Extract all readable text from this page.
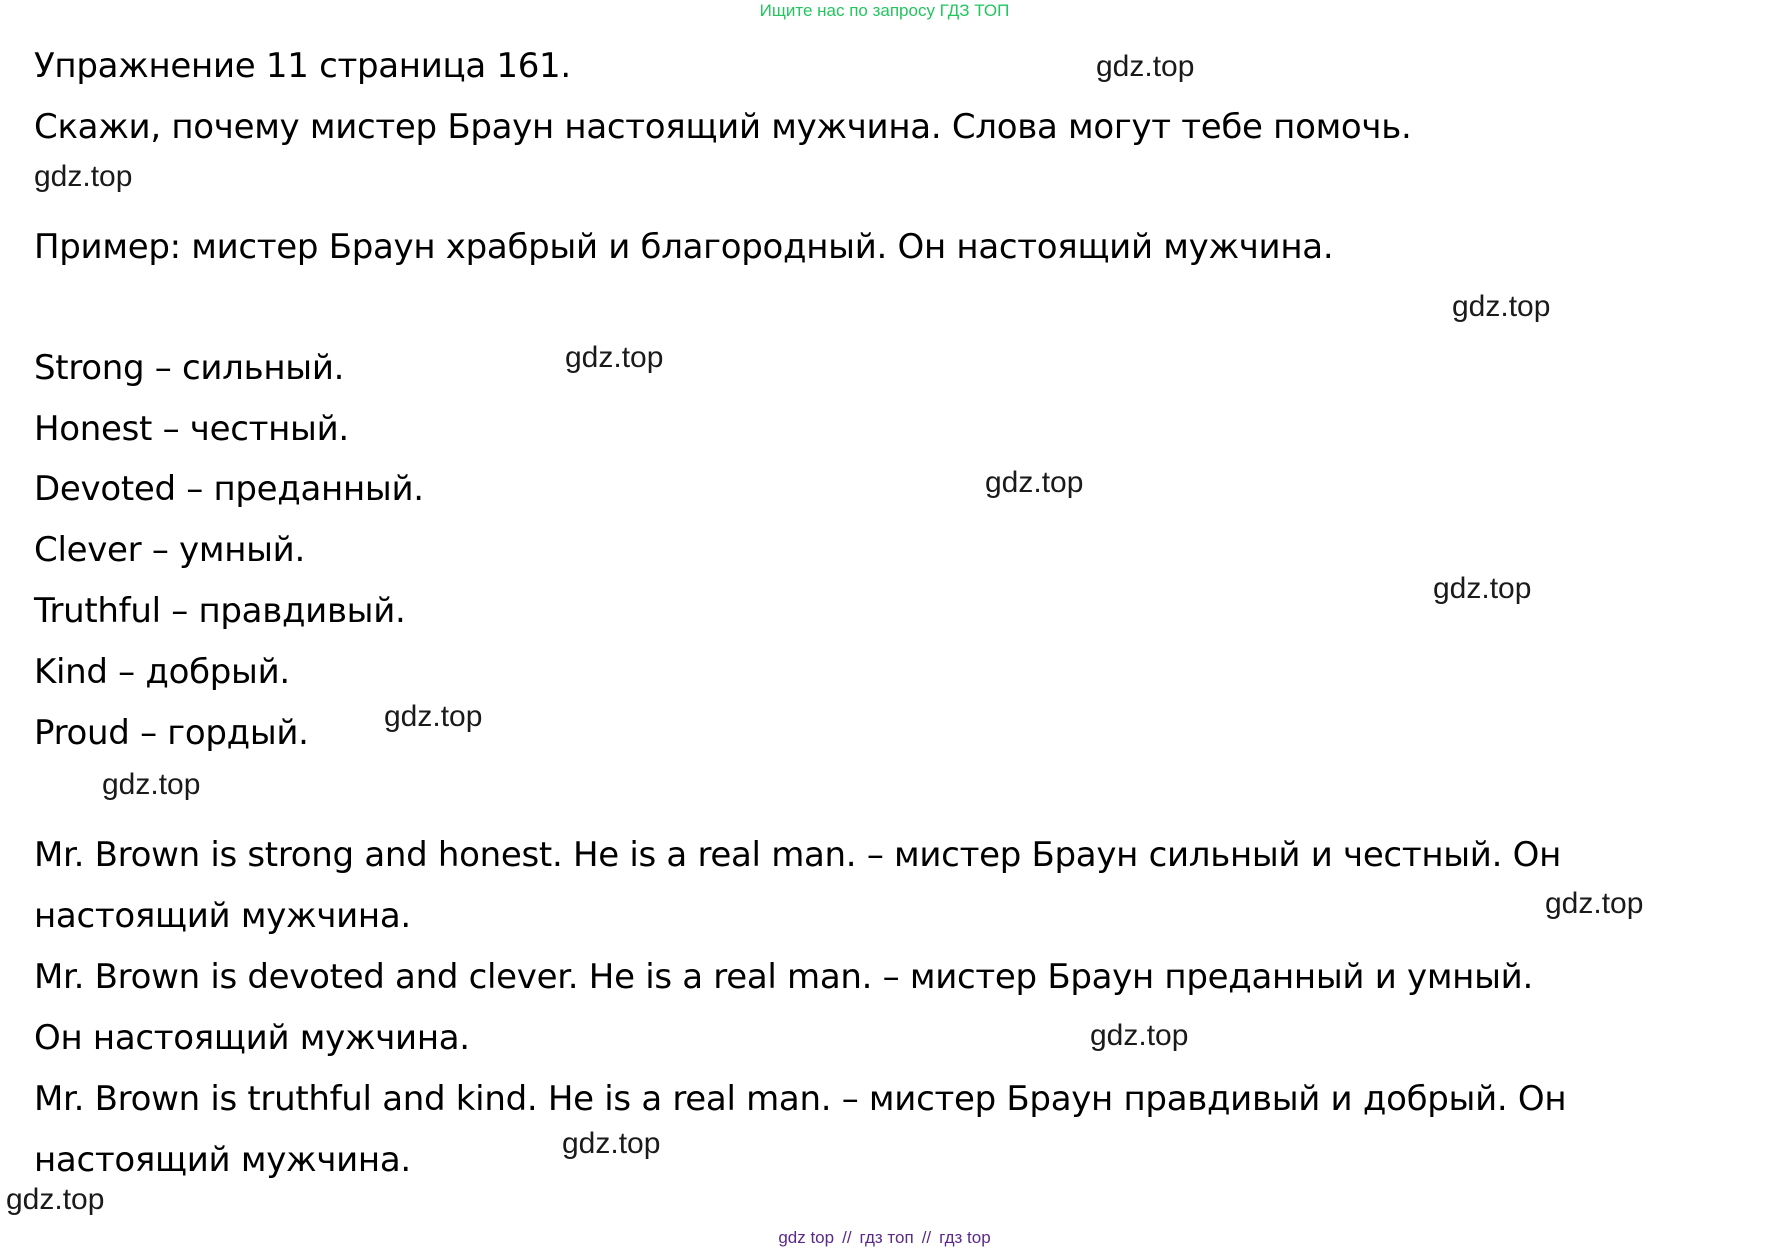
Ищите нас по запросу ГДЗ ТОП
Упражнение 11 страница 161.
Скажи, почему мистер Браун настоящий мужчина. Слова могут тебе помочь.
Пример: мистер Браун храбрый и благородный. Он настоящий мужчина.
Strong – сильный.
Honest – честный.
Devoted – преданный.
Clever – умный.
Truthful – правдивый.
Kind – добрый.
Proud – гордый.
Mr. Brown is strong and honest. He is a real man. – мистер Браун сильный и честный. Он
настоящий мужчина.
Mr. Brown is devoted and clever. He is a real man. – мистер Браун преданный и умный.
Он настоящий мужчина.
Mr. Brown is truthful and kind. He is a real man. – мистер Браун правдивый и добрый. Он
настоящий мужчина.
gdz.top
gdz.top
gdz.top
gdz.top
gdz.top
gdz.top
gdz.top
gdz.top
gdz.top
gdz.top
gdz.top
gdz.top
gdz top // гдз топ // гдз top
